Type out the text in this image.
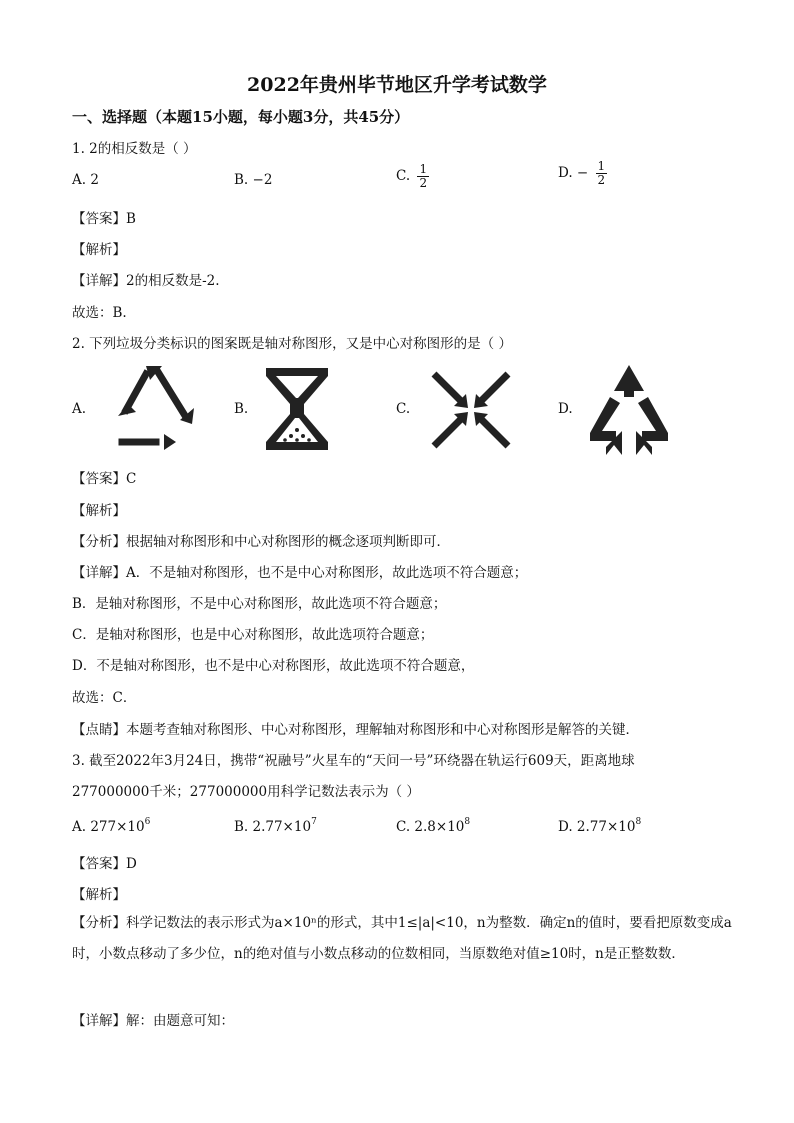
2022年贵州毕节地区升学考试数学
一、选择题（本题15小题，每小题3分，共45分）
1. 2的相反数是（ ）
A. 2	B. −2	C. $\frac{1}{2}$	D. − $\frac{1}{2}$
【答案】B
【解析】
【详解】2的相反数是-2.
故选：B.
2. 下列垃圾分类标识的图案既是轴对称图形，又是中心对称图形的是（ ）
A.	B.	C.	D.
【答案】C
【解析】
【分析】根据轴对称图形和中心对称图形的概念逐项判断即可．
【详解】A．不是轴对称图形，也不是中心对称图形，故此选项不符合题意；
B．是轴对称图形，不是中心对称图形，故此选项不符合题意；
C．是轴对称图形，也是中心对称图形，故此选项符合题意；
D．不是轴对称图形，也不是中心对称图形，故此选项不符合题意，
故选：C．
【点睛】本题考查轴对称图形、中心对称图形，理解轴对称图形和中心对称图形是解答的关键．
3. 截至2022年3月24日，携带“祝融号”火星车的“天问一号”环绕器在轨运行609天，距离地球
277000000千米；277000000用科学记数法表示为（ ）
A. $277\times 10^6$	B. $2.77\times 10^7$	C. $2.8\times 10^8$	D. $2.77\times 10^8$
【答案】D
【解析】
【分析】科学记数法的表示形式为a×10ⁿ的形式，其中1≤|a|<10，n为整数．确定n的值时，要看把原数变成a时，小数点移动了多少位，n的绝对值与小数点移动的位数相同，当原数绝对值≥10时，n是正整数数．
【详解】解：由题意可知：
